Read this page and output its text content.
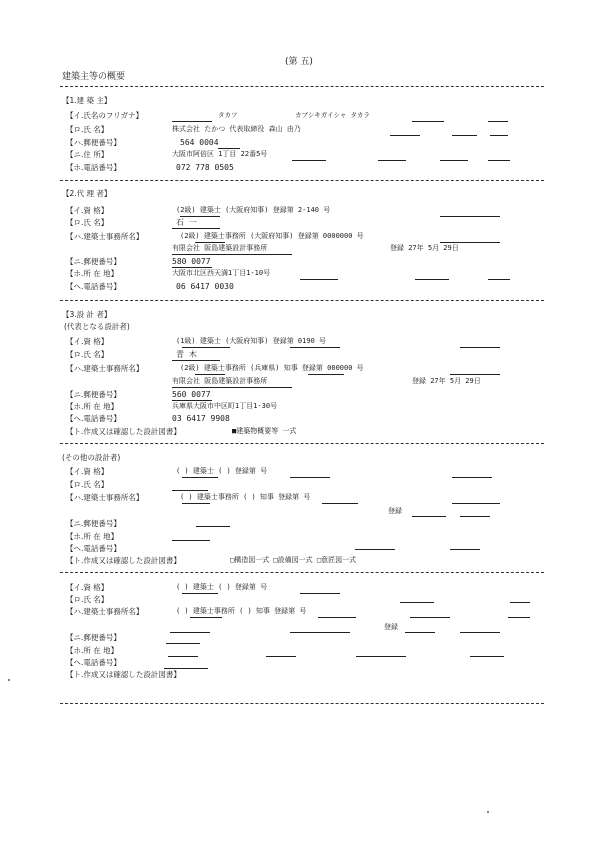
(第 五)
建築主等の概要
【1.建 築 主】
【イ.氏名のフリガナ】	タカツ	カブシキガイシャ タカラ
【ロ.氏 名】	株式会社 たかつ 代表取締役 森山 由乃
【ハ.郵便番号】	564 0004
【ニ.住 所】	大阪市阿倍区 1丁目 22番5号
【ホ.電話番号】	072 778 0505
【2.代 理 者】
【イ.資 格】	(2級) 建築士 (大阪府知事) 登録第 2-140 号
【ロ.氏 名】	石 一
【ハ.建築士事務所名】	(2級) 建築士事務所 (大阪府知事) 登録第 0000000 号
有限会社 阪島建築設計事務所	登録 27年 5月 29日
【ニ.郵便番号】	580 0077
【ホ.所 在 地】	大阪市北区西天満1丁目1-10号
【ヘ.電話番号】	06 6417 0030
【3.設 計 者】
(代表となる設計者)
【イ.資 格】	(1級) 建築士 (大阪府知事) 登録第 0190 号
【ロ.氏 名】	青 木
【ハ.建築士事務所名】	(2級) 建築士事務所 (兵庫県) 知事 登録第 000000 号
有限会社 阪島建築設計事務所	登録 27年 5月 29日
【ニ.郵便番号】	560 0077
【ホ.所 在 地】	兵庫県大阪市中区町1丁目1-30号
【ヘ.電話番号】	03 6417 9908
【ト.作成又は確認した設計図書】	■建築物概要等 一式
(その他の設計者)
【イ.資 格】	( ) 建築士 ( ) 登録第 号
【ロ.氏 名】
【ハ.建築士事務所名】	( ) 建築士事務所 ( ) 知事 登録第 号
登録
【ニ.郵便番号】
【ホ.所 在 地】
【ヘ.電話番号】
【ト.作成又は確認した設計図書】	□構造図一式 □設備図一式 □意匠図一式
【イ.資 格】	( ) 建築士 ( ) 登録第 号
【ロ.氏 名】
【ハ.建築士事務所名】	( ) 建築士事務所 ( ) 知事 登録第 号
登録
【ニ.郵便番号】
【ホ.所 在 地】
【ヘ.電話番号】
【ト.作成又は確認した設計図書】
